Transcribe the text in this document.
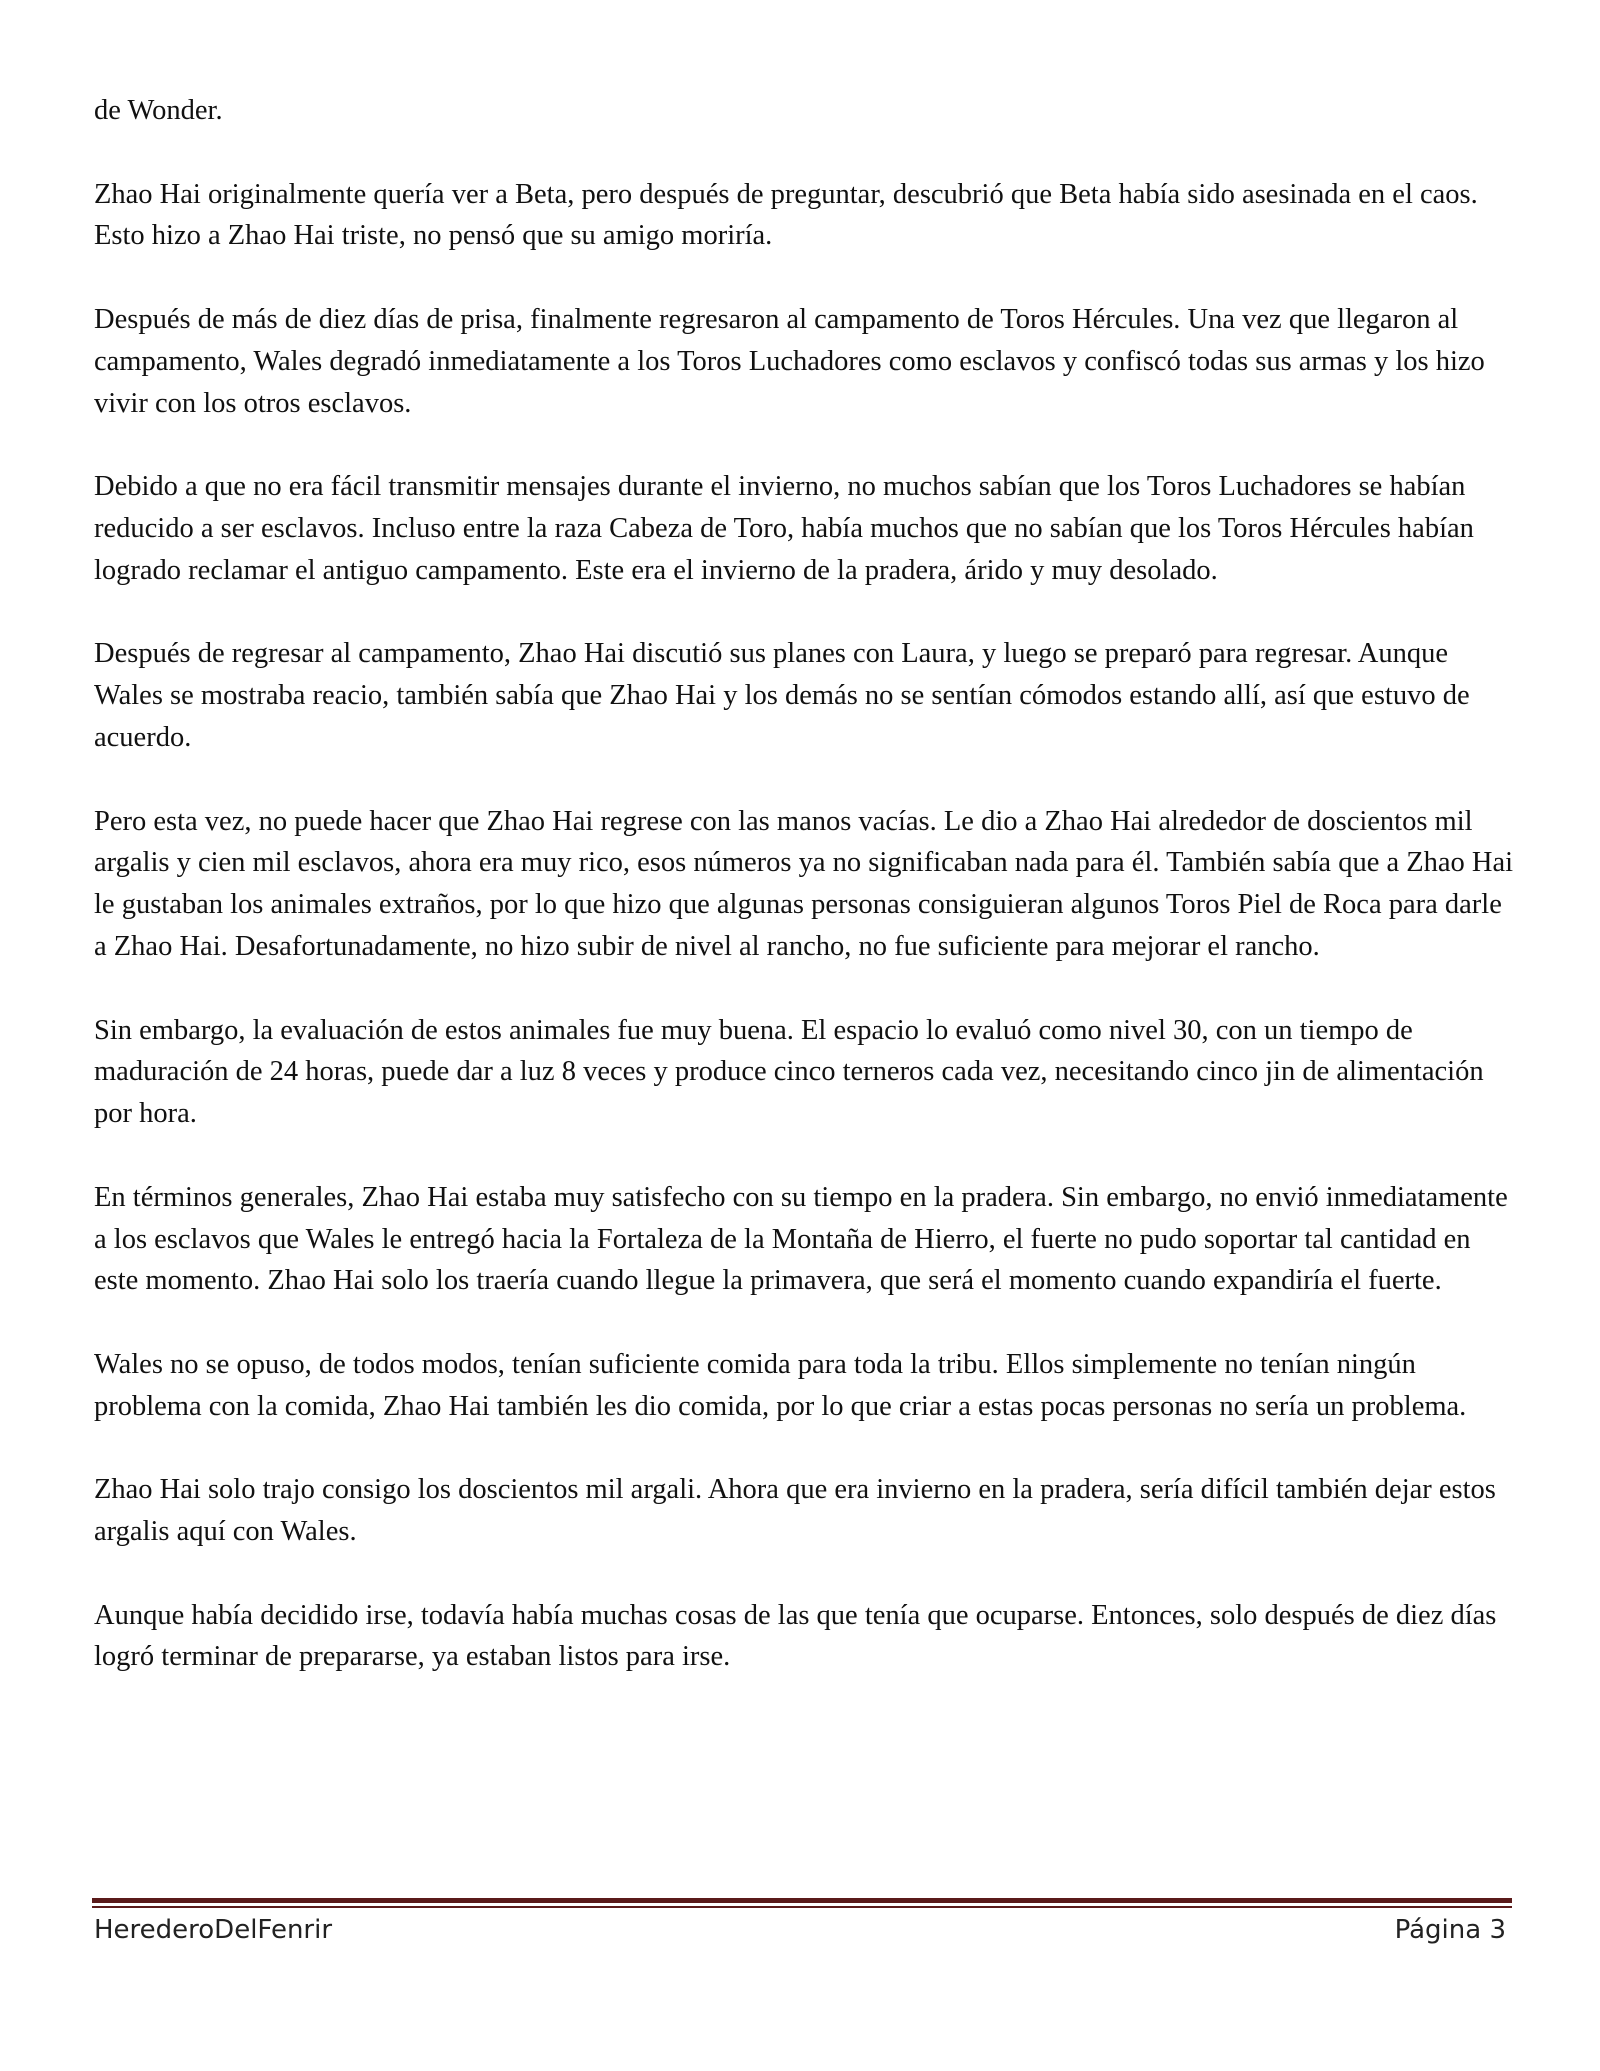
de Wonder.

Zhao Hai originalmente quería ver a Beta, pero después de preguntar, descubrió que Beta había sido asesinada en el caos. Esto hizo a Zhao Hai triste, no pensó que su amigo moriría.

Después de más de diez días de prisa, finalmente regresaron al campamento de Toros Hércules. Una vez que llegaron al campamento, Wales degradó inmediatamente a los Toros Luchadores como esclavos y confiscó todas sus armas y los hizo vivir con los otros esclavos.

Debido a que no era fácil transmitir mensajes durante el invierno, no muchos sabían que los Toros Luchadores se habían reducido a ser esclavos. Incluso entre la raza Cabeza de Toro, había muchos que no sabían que los Toros Hércules habían logrado reclamar el antiguo campamento. Este era el invierno de la pradera, árido y muy desolado.

Después de regresar al campamento, Zhao Hai discutió sus planes con Laura, y luego se preparó para regresar. Aunque Wales se mostraba reacio, también sabía que Zhao Hai y los demás no se sentían cómodos estando allí, así que estuvo de acuerdo.

Pero esta vez, no puede hacer que Zhao Hai regrese con las manos vacías. Le dio a Zhao Hai alrededor de doscientos mil argalis y cien mil esclavos, ahora era muy rico, esos números ya no significaban nada para él. También sabía que a Zhao Hai le gustaban los animales extraños, por lo que hizo que algunas personas consiguieran algunos Toros Piel de Roca para darle a Zhao Hai. Desafortunadamente, no hizo subir de nivel al rancho, no fue suficiente para mejorar el rancho.

Sin embargo, la evaluación de estos animales fue muy buena. El espacio lo evaluó como nivel 30, con un tiempo de maduración de 24 horas, puede dar a luz 8 veces y produce cinco terneros cada vez, necesitando cinco jin de alimentación por hora.

En términos generales, Zhao Hai estaba muy satisfecho con su tiempo en la pradera. Sin embargo, no envió inmediatamente a los esclavos que Wales le entregó hacia la Fortaleza de la Montaña de Hierro, el fuerte no pudo soportar tal cantidad en este momento. Zhao Hai solo los traería cuando llegue la primavera, que será el momento cuando expandiría el fuerte.

Wales no se opuso, de todos modos, tenían suficiente comida para toda la tribu. Ellos simplemente no tenían ningún problema con la comida, Zhao Hai también les dio comida, por lo que criar a estas pocas personas no sería un problema.

Zhao Hai solo trajo consigo los doscientos mil argali. Ahora que era invierno en la pradera, sería difícil también dejar estos argalis aquí con Wales.

Aunque había decidido irse, todavía había muchas cosas de las que tenía que ocuparse. Entonces, solo después de diez días logró terminar de prepararse, ya estaban listos para irse.

HerederoDelFenrir	Página 3
